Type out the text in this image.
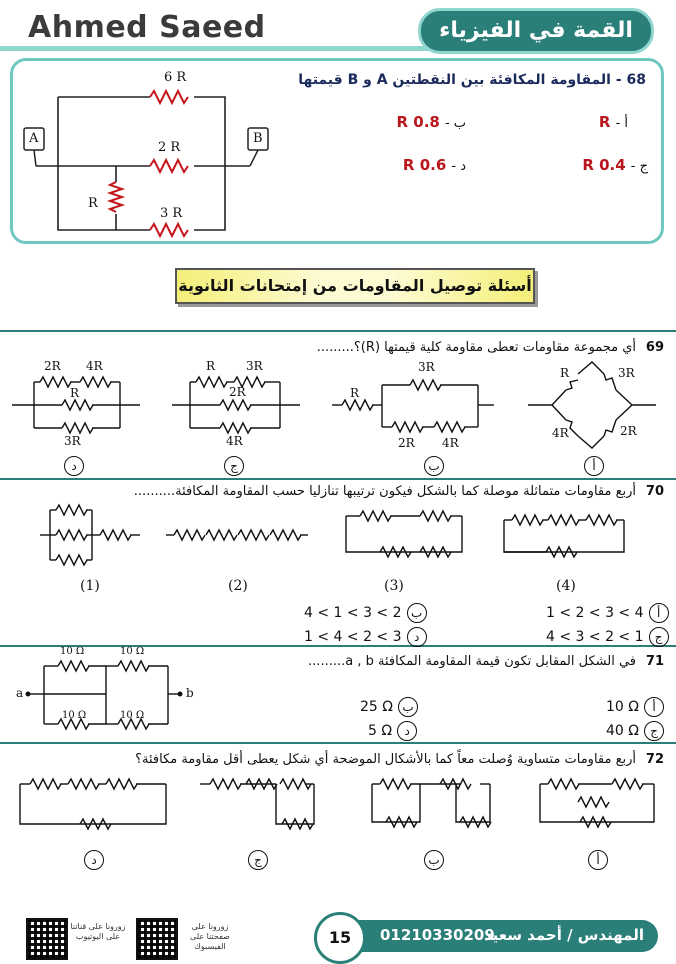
Ahmed Saeed	القمة في الفيزياء
68 - المقاومة المكافئة بين النقطتين A و B قيمتها
أ - R
ب - 0.8 R
ج - 0.4 R
د - 0.6 R
6 R
2 R
3 R
R
A	B
أسئلة توصيل المقاومات من إمتحانات الثانوية
69
أي مجموعة مقاومات تعطى مقاومة كلية قيمتها (R)؟.........
R	3R
4R	2R
R
3R
2R 4R
R	3R
2R
4R
2R 4R
R
3R
أ
ب
ج
د
70
أربع مقاومات متماثلة موصلة كما بالشكل فيكون ترتيبها تنازليا حسب المقاومة المكافئة..........
(1)	(2)	(3)	(4)
1 < 2 < 3 < 4 أ
4 < 1 < 3 < 2 ب
4 < 3 < 2 < 1 ج
1 < 4 < 2 < 3 د
71
في الشكل المقابل تكون قيمة المقاومة المكافئة a , b.........
10 Ω	10 Ω
10 Ω	10 Ω
a	b
10 Ω أ
25 Ω ب
40 Ω ج
5 Ω د
72
أربع مقاومات متساوية وُصلت معاً كما بالأشكال الموضحة أي شكل يعطى أقل مقاومة مكافئة؟
أ
ب
ج
د
المهندس / أحمد سعيد
01210330209
15
زورونا على صفحتنا على الفيسبوك
زورونا على قناتنا على اليوتيوب
